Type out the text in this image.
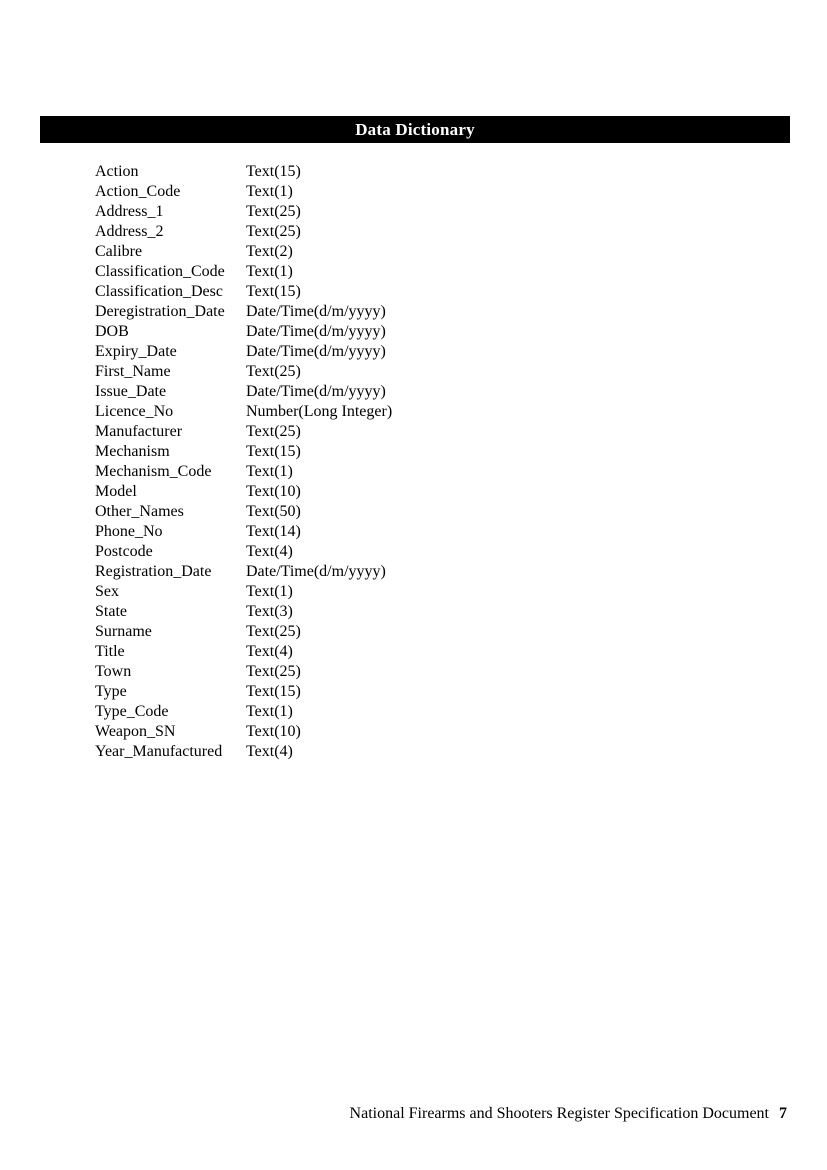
Data Dictionary
Action	Text(15)
Action_Code	Text(1)
Address_1	Text(25)
Address_2	Text(25)
Calibre	Text(2)
Classification_Code	Text(1)
Classification_Desc	Text(15)
Deregistration_Date	Date/Time(d/m/yyyy)
DOB	Date/Time(d/m/yyyy)
Expiry_Date	Date/Time(d/m/yyyy)
First_Name	Text(25)
Issue_Date	Date/Time(d/m/yyyy)
Licence_No	Number(Long Integer)
Manufacturer	Text(25)
Mechanism	Text(15)
Mechanism_Code	Text(1)
Model	Text(10)
Other_Names	Text(50)
Phone_No	Text(14)
Postcode	Text(4)
Registration_Date	Date/Time(d/m/yyyy)
Sex	Text(1)
State	Text(3)
Surname	Text(25)
Title	Text(4)
Town	Text(25)
Type	Text(15)
Type_Code	Text(1)
Weapon_SN	Text(10)
Year_Manufactured	Text(4)
National Firearms and Shooters Register Specification Document 7
